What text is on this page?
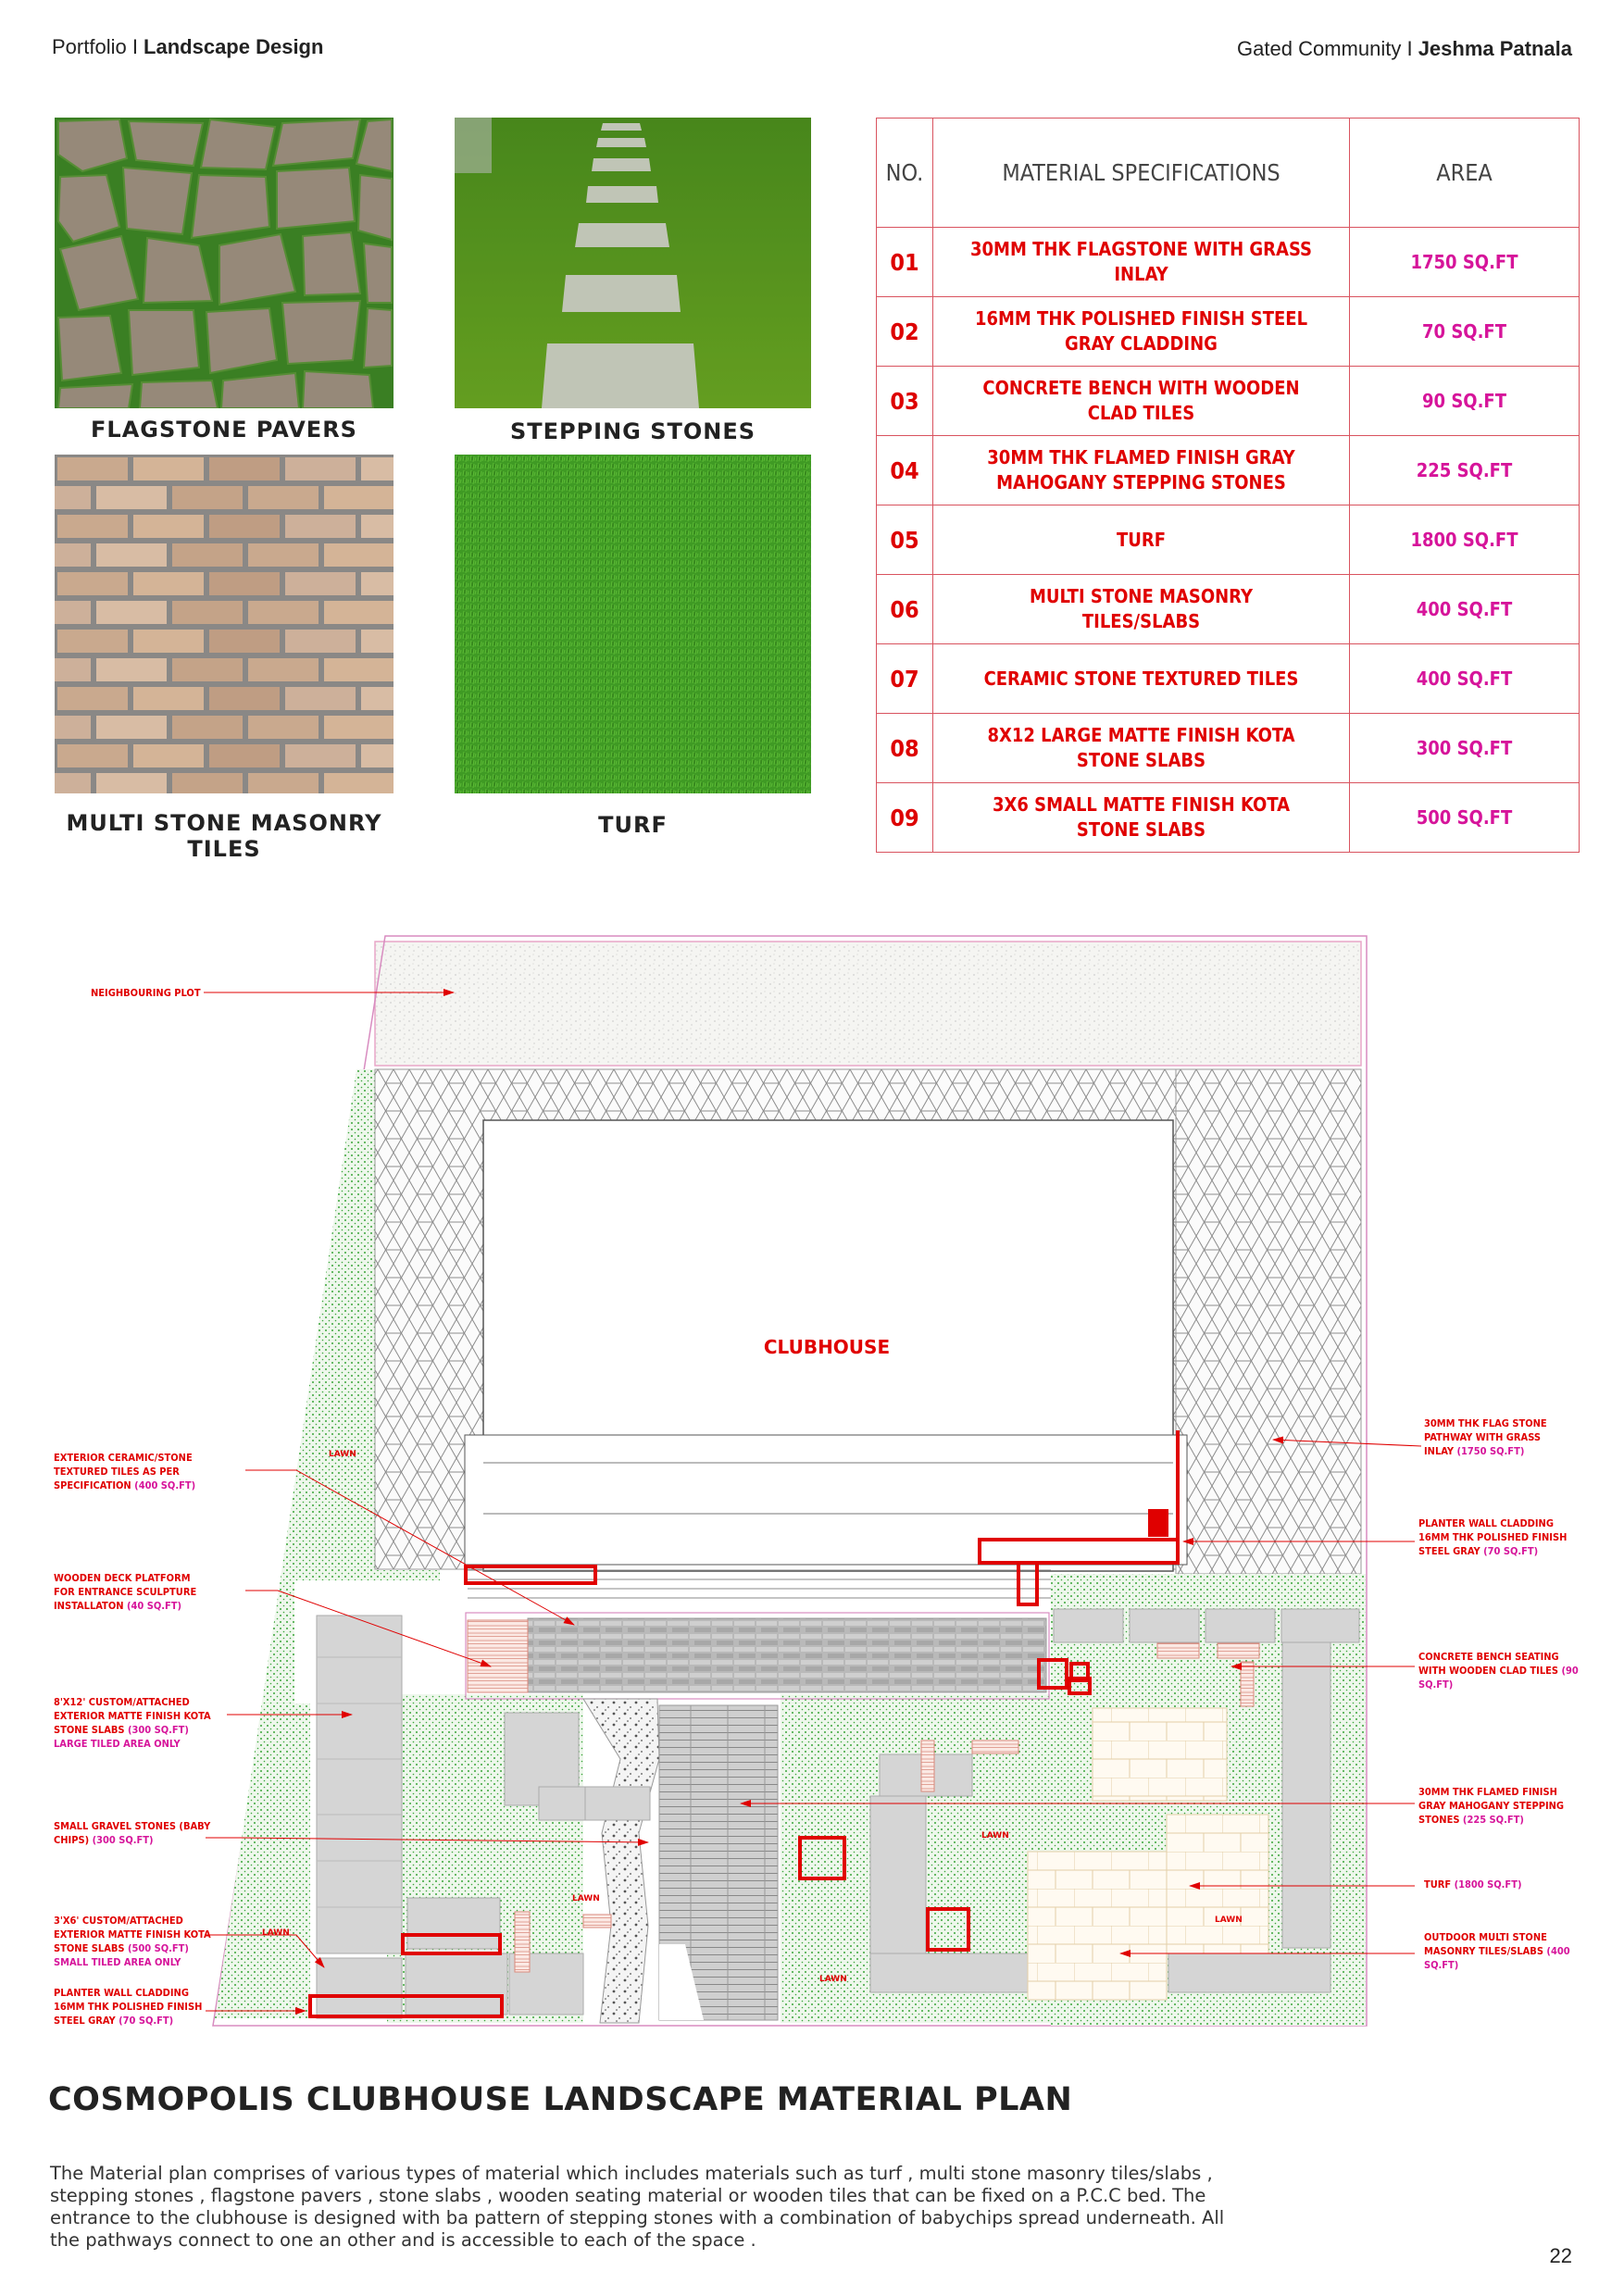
Portfolio I Landscape Design	Gated Community I Jeshma Patnala
FLAGSTONE PAVERS	STEPPING STONES
MULTI STONE MASONRY TILES
TURF
NO.	MATERIAL SPECIFICATIONS	AREA
01	30MM THK FLAGSTONE WITH GRASS INLAY	1750 SQ.FT
02	16MM THK POLISHED FINISH STEEL GRAY CLADDING	70 SQ.FT
03	CONCRETE BENCH WITH WOODEN CLAD TILES	90 SQ.FT
04	30MM THK FLAMED FINISH GRAY MAHOGANY STEPPING STONES	225 SQ.FT
05	TURF	1800 SQ.FT
06	MULTI STONE MASONRY TILES/SLABS	400 SQ.FT
07	CERAMIC STONE TEXTURED TILES	400 SQ.FT
08	8X12 LARGE MATTE FINISH KOTA STONE SLABS	300 SQ.FT
09	3X6 SMALL MATTE FINISH KOTA STONE SLABS	500 SQ.FT
CLUBHOUSE
LAWN
LAWN
LAWN
LAWN
LAWN
LAWN
NEIGHBOURING PLOT
EXTERIOR CERAMIC/STONE TEXTURED TILES AS PER SPECIFICATION (400 SQ.FT)
WOODEN DECK PLATFORM FOR ENTRANCE SCULPTURE INSTALLATON (40 SQ.FT)
8'X12' CUSTOM/ATTACHED EXTERIOR MATTE FINISH KOTA STONE SLABS (300 SQ.FT)
LARGE TILED AREA ONLY
SMALL GRAVEL STONES (BABY CHIPS) (300 SQ.FT)
3'X6' CUSTOM/ATTACHED EXTERIOR MATTE FINISH KOTA STONE SLABS (500 SQ.FT)
SMALL TILED AREA ONLY
PLANTER WALL CLADDING 16MM THK POLISHED FINISH STEEL GRAY (70 SQ.FT)
30MM THK FLAG STONE PATHWAY WITH GRASS INLAY (1750 SQ.FT)
PLANTER WALL CLADDING 16MM THK POLISHED FINISH STEEL GRAY (70 SQ.FT)
CONCRETE BENCH SEATING WITH WOODEN CLAD TILES (90 SQ.FT)
30MM THK FLAMED FINISH GRAY MAHOGANY STEPPING STONES (225 SQ.FT)
TURF (1800 SQ.FT)
OUTDOOR MULTI STONE MASONRY TILES/SLABS (400 SQ.FT)
COSMOPOLIS CLUBHOUSE LANDSCAPE MATERIAL PLAN
The Material plan comprises of various types of material which includes materials such as turf , multi stone masonry tiles/slabs , stepping stones , flagstone pavers , stone slabs , wooden seating material or wooden tiles that can be fixed on a P.C.C bed. The entrance to the clubhouse is designed with ba pattern of stepping stones with a combination of babychips spread underneath. All the pathways connect to one an other and is accessible to each of the space .
22
